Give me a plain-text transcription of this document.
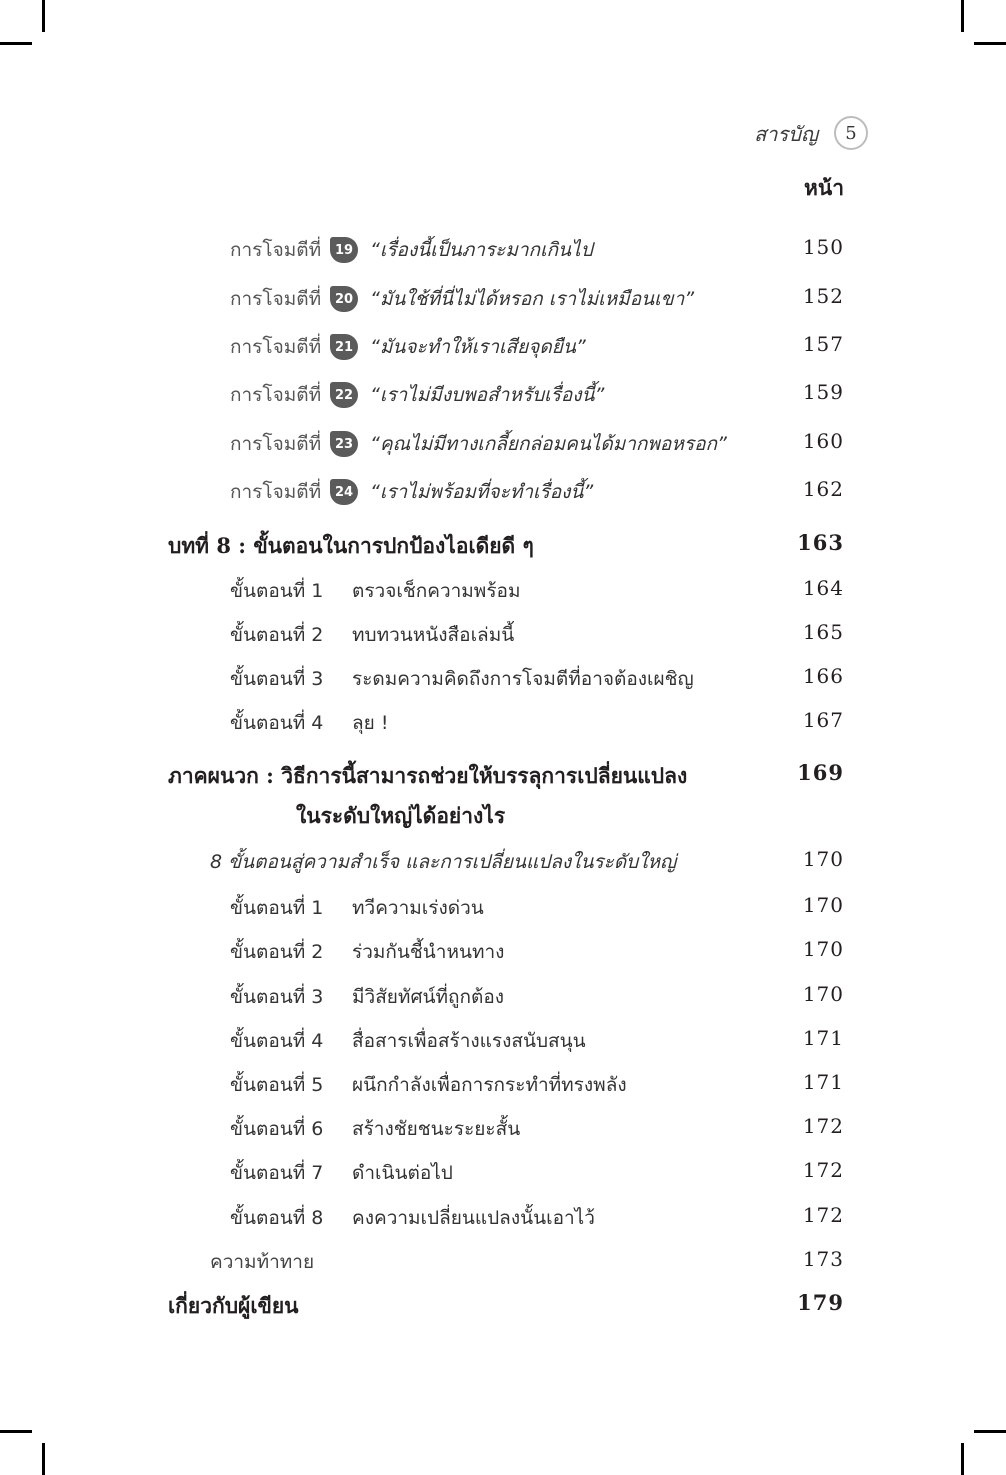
สารบัญ 5
หน้า
การโจมตีที่	19 “เรื่องนี้เป็นภาระมากเกินไป	150
การโจมตีที่	20 “มันใช้ที่นี่ไม่ได้หรอก เราไม่เหมือนเขา”	152
การโจมตีที่	21 “มันจะทำให้เราเสียจุดยืน”	157
การโจมตีที่	22 “เราไม่มีงบพอสำหรับเรื่องนี้”	159
การโจมตีที่	23 “คุณไม่มีทางเกลี้ยกล่อมคนได้มากพอหรอก”	160
การโจมตีที่	24 “เราไม่พร้อมที่จะทำเรื่องนี้”	162
บทที่ 8 : ขั้นตอนในการปกป้องไอเดียดี ๆ	163
ขั้นตอนที่ 1 ตรวจเช็กความพร้อม	164
ขั้นตอนที่ 2 ทบทวนหนังสือเล่มนี้	165
ขั้นตอนที่ 3 ระดมความคิดถึงการโจมตีที่อาจต้องเผชิญ	166
ขั้นตอนที่ 4 ลุย !	167
ภาคผนวก : วิธีการนี้สามารถช่วยให้บรรลุการเปลี่ยนแปลง	169
ในระดับใหญ่ได้อย่างไร
8 ขั้นตอนสู่ความสำเร็จ และการเปลี่ยนแปลงในระดับใหญ่	170
ขั้นตอนที่ 1 ทวีความเร่งด่วน	170
ขั้นตอนที่ 2 ร่วมกันชี้นำหนทาง	170
ขั้นตอนที่ 3 มีวิสัยทัศน์ที่ถูกต้อง	170
ขั้นตอนที่ 4 สื่อสารเพื่อสร้างแรงสนับสนุน	171
ขั้นตอนที่ 5 ผนึกกำลังเพื่อการกระทำที่ทรงพลัง	171
ขั้นตอนที่ 6 สร้างชัยชนะระยะสั้น	172
ขั้นตอนที่ 7 ดำเนินต่อไป	172
ขั้นตอนที่ 8 คงความเปลี่ยนแปลงนั้นเอาไว้	172
ความท้าทาย	173
เกี่ยวกับผู้เขียน	179
